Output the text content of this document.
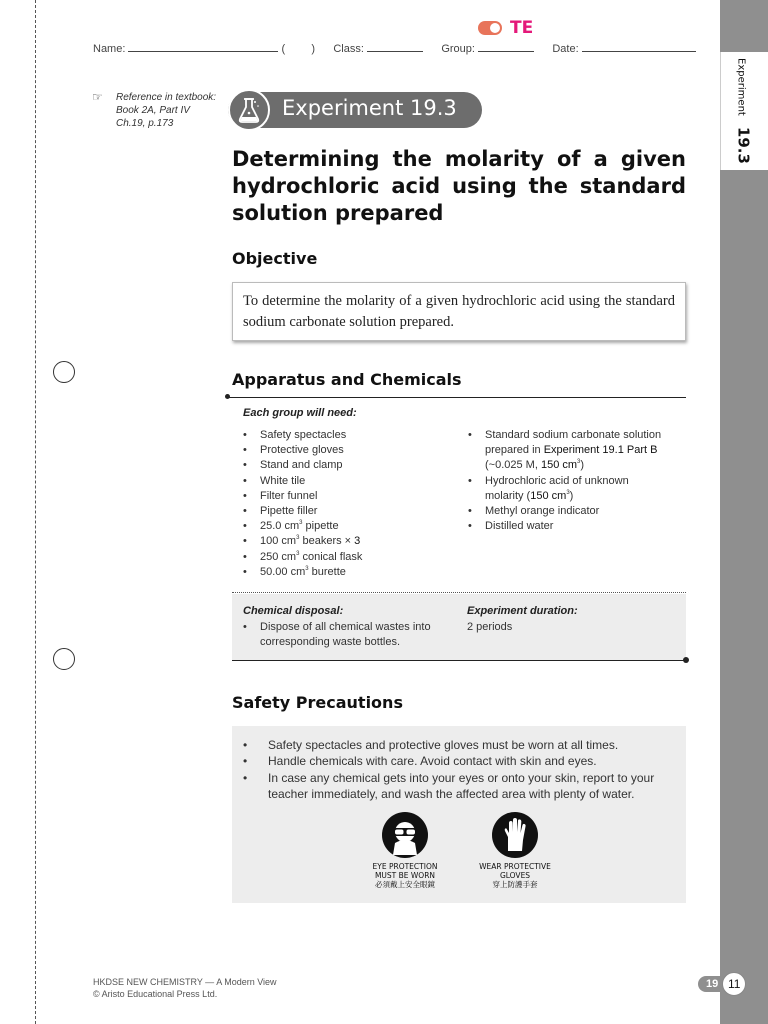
Experiment 19.3
TE
Name:	( ) Class:	Group:	Date:
☞ Reference in textbook:
Book 2A, Part IV
Ch.19, p.173
Experiment 19.3
Determining the molarity of a given hydrochloric acid using the standard solution prepared
Objective
To determine the molarity of a given hydrochloric acid using the standard sodium carbonate solution prepared.
Apparatus and Chemicals
Each group will need:
• Safety spectacles
• Protective gloves
• Stand and clamp
• White tile
• Filter funnel
• Pipette filler
• 25.0 $cm^3$ pipette
• 100 $cm^3$ beakers × 3
• 250 $cm^3$ conical flask
• 50.00 $cm^3$ burette
• Standard sodium carbonate solution
prepared in Experiment 19.1 Part B
(~0.025 M, 150 $cm^3$)
• Hydrochloric acid of unknown
molarity (150 $cm^3$)
• Methyl orange indicator
• Distilled water
Chemical disposal:
• Dispose of all chemical wastes into corresponding waste bottles.
Experiment duration:
2 periods
Safety Precautions
• Safety spectacles and protective gloves must be worn at all times.
• Handle chemicals with care. Avoid contact with skin and eyes.
• In case any chemical gets into your eyes or onto your skin, report to your teacher immediately, and wash the affected area with plenty of water.
EYE PROTECTION
MUST BE WORN
必須戴上安全眼鏡
WEAR PROTECTIVE
GLOVES
穿上防護手套
HKDSE NEW CHEMISTRY — A Modern View
© Aristo Educational Press Ltd.
19 11
